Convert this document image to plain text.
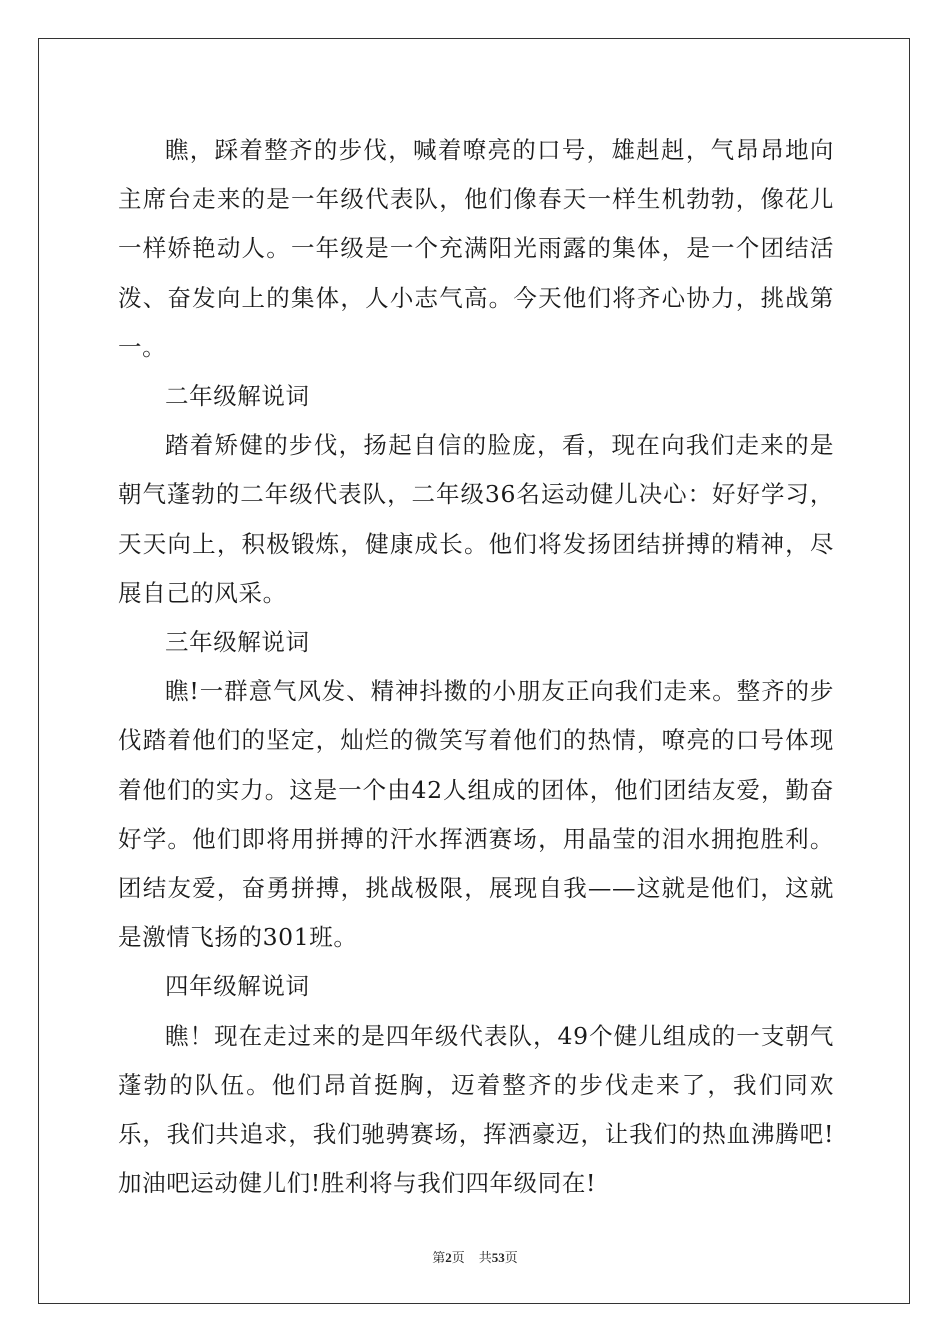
瞧，踩着整齐的步伐，喊着嘹亮的口号，雄赳赳，气昂昂地向主席台走来的是一年级代表队，他们像春天一样生机勃勃，像花儿一样娇艳动人。一年级是一个充满阳光雨露的集体，是一个团结活泼、奋发向上的集体，人小志气高。今天他们将齐心协力，挑战第一。

二年级解说词

踏着矫健的步伐，扬起自信的脸庞，看，现在向我们走来的是朝气蓬勃的二年级代表队，二年级36名运动健儿决心：好好学习，天天向上，积极锻炼，健康成长。他们将发扬团结拼搏的精神，尽展自己的风采。

三年级解说词

瞧!一群意气风发、精神抖擞的小朋友正向我们走来。整齐的步伐踏着他们的坚定，灿烂的微笑写着他们的热情，嘹亮的口号体现着他们的实力。这是一个由42人组成的团体，他们团结友爱，勤奋好学。他们即将用拼搏的汗水挥洒赛场，用晶莹的泪水拥抱胜利。团结友爱，奋勇拼搏，挑战极限，展现自我——这就是他们，这就是激情飞扬的301班。

四年级解说词

瞧！现在走过来的是四年级代表队，49个健儿组成的一支朝气蓬勃的队伍。他们昂首挺胸，迈着整齐的步伐走来了，我们同欢乐，我们共追求，我们驰骋赛场，挥洒豪迈，让我们的热血沸腾吧!加油吧运动健儿们!胜利将与我们四年级同在!

第2页 共53页
